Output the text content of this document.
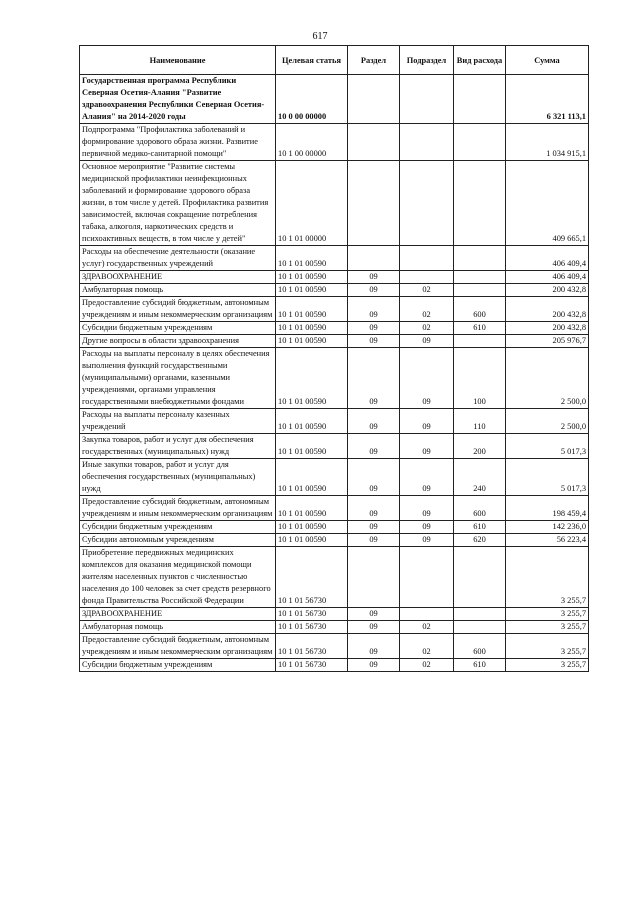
617
Наименование	Целевая статья	Раздел	Подраздел	Вид расхода	Сумма
Государственная программа Республики Северная Осетия-Алания "Развитие здравоохранения Республики Северная Осетия-Алания" на 2014-2020 годы	10 0 00 00000				6 321 113,1
Подпрограмма "Профилактика заболеваний и формирование здорового образа жизни. Развитие первичной медико-санитарной помощи"	10 1 00 00000				1 034 915,1
Основное мероприятие "Развитие системы медицинской профилактики неинфекционных заболеваний и формирование здорового образа жизни, в том числе у детей. Профилактика развития зависимостей, включая сокращение потребления табака, алкоголя, наркотических средств и психоактивных веществ, в том числе у детей"	10 1 01 00000				409 665,1
Расходы на обеспечение деятельности (оказание услуг) государственных учреждений	10 1 01 00590				406 409,4
ЗДРАВООХРАНЕНИЕ	10 1 01 00590	09			406 409,4
Амбулаторная помощь	10 1 01 00590	09	02		200 432,8
Предоставление субсидий бюджетным, автономным учреждениям и иным некоммерческим организациям	10 1 01 00590	09	02	600	200 432,8
Субсидии бюджетным учреждениям	10 1 01 00590	09	02	610	200 432,8
Другие вопросы в области здравоохранения	10 1 01 00590	09	09		205 976,7
Расходы на выплаты персоналу в целях обеспечения выполнения функций государственными (муниципальными) органами, казенными учреждениями, органами управления государственными внебюджетными фондами	10 1 01 00590	09	09	100	2 500,0
Расходы на выплаты персоналу казенных учреждений	10 1 01 00590	09	09	110	2 500,0
Закупка товаров, работ и услуг для обеспечения государственных (муниципальных) нужд	10 1 01 00590	09	09	200	5 017,3
Иные закупки товаров, работ и услуг для обеспечения государственных (муниципальных) нужд	10 1 01 00590	09	09	240	5 017,3
Предоставление субсидий бюджетным, автономным учреждениям и иным некоммерческим организациям	10 1 01 00590	09	09	600	198 459,4
Субсидии бюджетным учреждениям	10 1 01 00590	09	09	610	142 236,0
Субсидии автономным учреждениям	10 1 01 00590	09	09	620	56 223,4
Приобретение передвижных медицинских комплексов для оказания медицинской помощи жителям населенных пунктов с численностью населения до 100 человек за счет средств резервного фонда Правительства Российской Федерации	10 1 01 56730				3 255,7
ЗДРАВООХРАНЕНИЕ	10 1 01 56730	09			3 255,7
Амбулаторная помощь	10 1 01 56730	09	02		3 255,7
Предоставление субсидий бюджетным, автономным учреждениям и иным некоммерческим организациям	10 1 01 56730	09	02	600	3 255,7
Субсидии бюджетным учреждениям	10 1 01 56730	09	02	610	3 255,7
